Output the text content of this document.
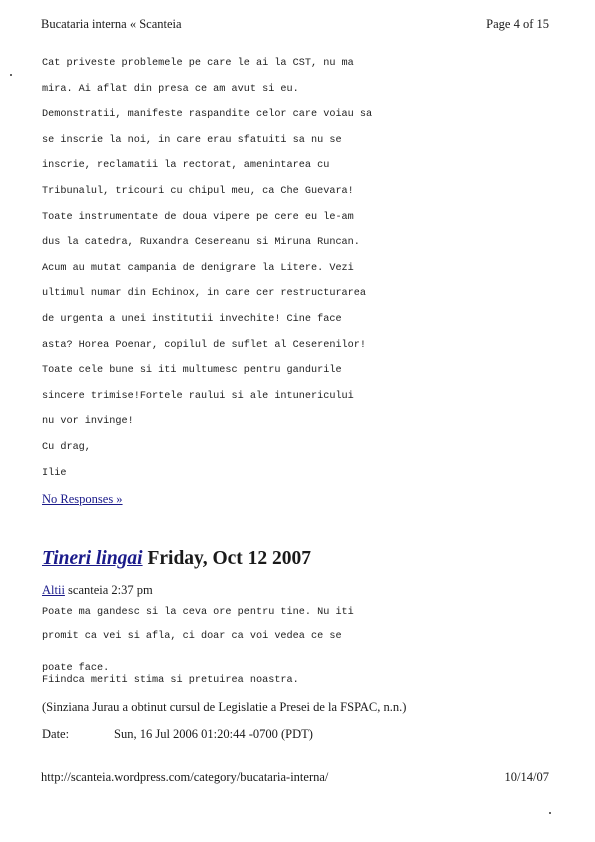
Bucataria interna « Scanteia	Page 4 of 15
Cat priveste problemele pe care le ai la CST, nu ma
mira. Ai aflat din presa ce am avut si eu.
Demonstratii, manifeste raspandite celor care voiau sa
se inscrie la noi, in care erau sfatuiti sa nu se
inscrie, reclamatii la rectorat, amenintarea cu
Tribunalul, tricouri cu chipul meu, ca Che Guevara!
Toate instrumentate de doua vipere pe cere eu le-am
dus la catedra, Ruxandra Cesereanu si Miruna Runcan.
Acum au mutat campania de denigrare la Litere. Vezi
ultimul numar din Echinox, in care cer restructurarea
de urgenta a unei institutii invechite! Cine face
asta? Horea Poenar, copilul de suflet al Ceserenilor!
Toate cele bune si iti multumesc pentru gandurile
sincere trimise!Fortele raului si ale intunericului
nu vor invinge!
Cu drag,
Ilie
No Responses »
Tineri lingai Friday, Oct 12 2007
Altii scanteia 2:37 pm
Poate ma gandesc si la ceva ore pentru tine. Nu iti
promit ca vei si afla, ci doar ca voi vedea ce se
poate face.
Fiindca meriti stima si pretuirea noastra.
(Sinziana Jurau a obtinut cursul de Legislatie a Presei de la FSPAC, n.n.)
Date:	Sun, 16 Jul 2006 01:20:44 -0700 (PDT)
http://scanteia.wordpress.com/category/bucataria-interna/	10/14/07
